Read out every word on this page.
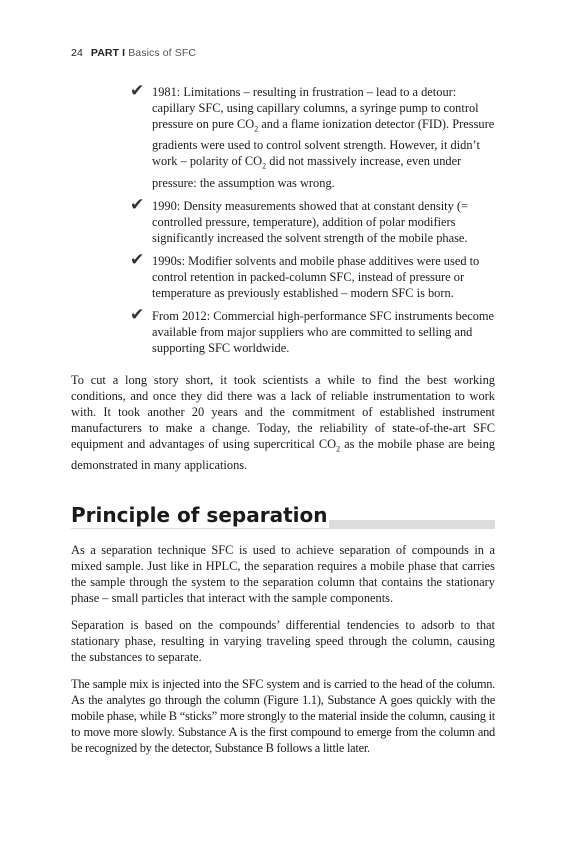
24 PART I Basics of SFC
✔ 1981: Limitations – resulting in frustration – lead to a detour: capillary SFC, using capillary columns, a syringe pump to control pressure on pure $CO_2$ and a flame ionization detector (FID). Pressure gradients were used to control solvent strength. However, it didn’t work – polarity of $CO_2$ did not massively increase, even under pressure: the assumption was wrong.
✔ 1990: Density measurements showed that at constant density (= controlled pressure, temperature), addition of polar modifiers significantly increased the solvent strength of the mobile phase.
✔ 1990s: Modifier solvents and mobile phase additives were used to control retention in packed-column SFC, instead of pressure or temperature as previously established – modern SFC is born.
✔ From 2012: Commercial high-performance SFC instruments become available from major suppliers who are committed to selling and supporting SFC worldwide.
To cut a long story short, it took scientists a while to find the best working conditions, and once they did there was a lack of reliable instrumentation to work with. It took another 20 years and the commitment of established instrument manufacturers to make a change. Today, the reliability of state-of-the-art SFC equipment and advantages of using supercritical $CO_2$ as the mobile phase are being demonstrated in many applications.
Principle of separation
As a separation technique SFC is used to achieve separation of compounds in a mixed sample. Just like in HPLC, the separation requires a mobile phase that carries the sample through the system to the separation column that contains the stationary phase – small particles that interact with the sample components.
Separation is based on the compounds’ differential tendencies to adsorb to that stationary phase, resulting in varying traveling speed through the column, causing the substances to separate.
The sample mix is injected into the SFC system and is carried to the head of the column. As the analytes go through the column (Figure 1.1), Substance A goes quickly with the mobile phase, while B “sticks” more strongly to the material inside the column, causing it to move more slowly. Substance A is the first compound to emerge from the column and be recognized by the detector, Substance B follows a little later.
